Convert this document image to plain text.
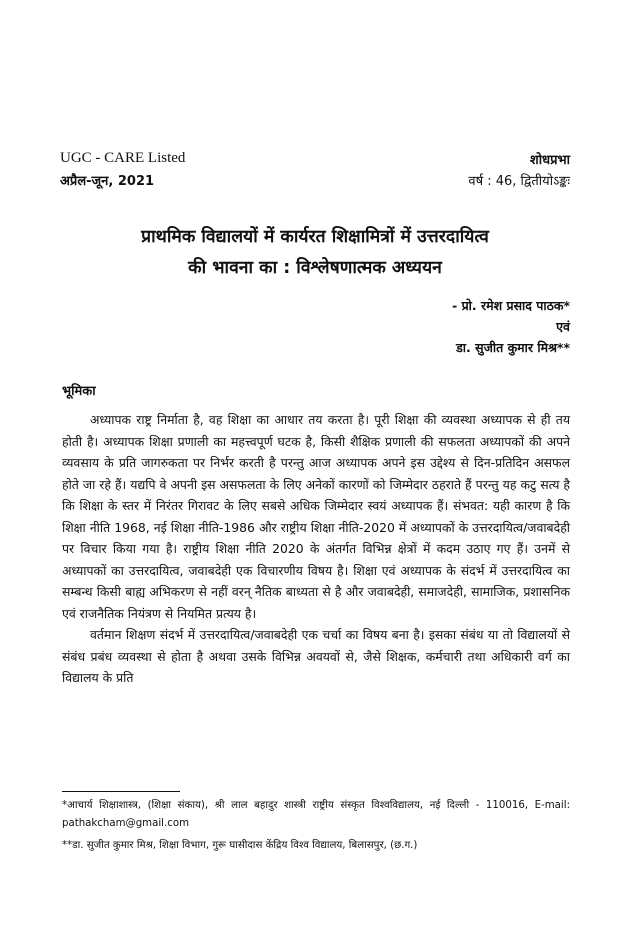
UGC - CARE Listed	शोधप्रभा
अप्रैल-जून, 2021	वर्ष : 46, द्वितीयोऽङ्कः
प्राथमिक विद्यालयों में कार्यरत शिक्षामित्रों में उत्तरदायित्व
की भावना का : विश्लेषणात्मक अध्ययन
- प्रो. रमेश प्रसाद पाठक*
एवं
डा. सुजीत कुमार मिश्र**
भूमिका

अध्यापक राष्ट्र निर्माता है, वह शिक्षा का आधार तय करता है। पूरी शिक्षा की व्यवस्था अध्यापक से ही तय होती है। अध्यापक शिक्षा प्रणाली का महत्त्वपूर्ण घटक है, किसी शैक्षिक प्रणाली की सफलता अध्यापकों की अपने व्यवसाय के प्रति जागरुकता पर निर्भर करती है परन्तु आज अध्यापक अपने इस उद्देश्य से दिन-प्रतिदिन असफल होते जा रहे हैं। यद्यपि वे अपनी इस असफलता के लिए अनेकों कारणों को जिम्मेदार ठहराते हैं परन्तु यह कटु सत्य है कि शिक्षा के स्तर में निरंतर गिरावट के लिए सबसे अधिक जिम्मेदार स्वयं अध्यापक हैं। संभवत: यही कारण है कि शिक्षा नीति 1968, नई शिक्षा नीति-1986 और राष्ट्रीय शिक्षा नीति-2020 में अध्यापकों के उत्तरदायित्व/जवाबदेही पर विचार किया गया है। राष्ट्रीय शिक्षा नीति 2020 के अंतर्गत विभिन्न क्षेत्रों में कदम उठाए गए हैं। उनमें से अध्यापकों का उत्तरदायित्व, जवाबदेही एक विचारणीय विषय है। शिक्षा एवं अध्यापक के संदर्भ में उत्तरदायित्व का सम्बन्ध किसी बाह्य अभिकरण से नहीं वरन् नैतिक बाध्यता से है और जवाबदेही, समाजदेही, सामाजिक, प्रशासनिक एवं राजनैतिक नियंत्रण से नियमित प्रत्यय है।

वर्तमान शिक्षण संदर्भ में उत्तरदायित्व/जवाबदेही एक चर्चा का विषय बना है। इसका संबंध या तो विद्यालयों से संबंध प्रबंध व्यवस्था से होता है अथवा उसके विभिन्न अवयवों से, जैसे शिक्षक, कर्मचारी तथा अधिकारी वर्ग का विद्यालय के प्रति

*आचार्य शिक्षाशास्त्र, (शिक्षा संकाय), श्री लाल बहादुर शास्त्री राष्ट्रीय संस्कृत विश्वविद्यालय, नई दिल्ली - 110016, E-mail: pathakcham@gmail.com

**डा. सुजीत कुमार मिश्र, शिक्षा विभाग, गुरू घासीदास केंद्रिय विश्व विद्यालय, बिलासपुर, (छ.ग.)
